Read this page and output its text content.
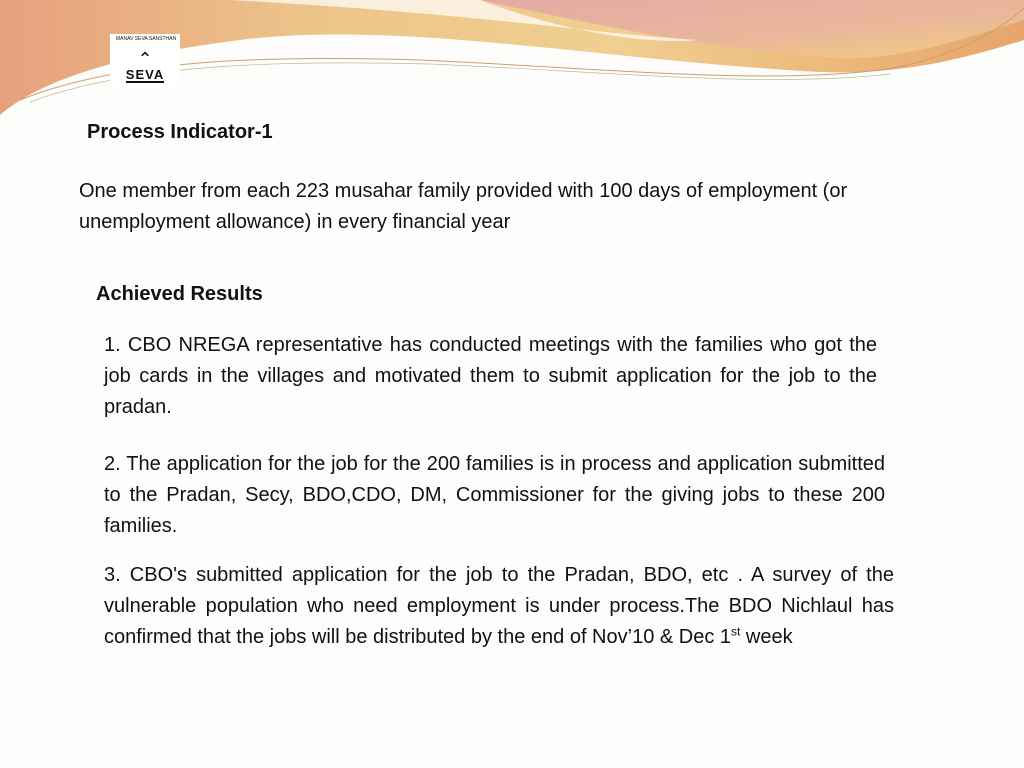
MANAV SEVA SANSTHAN
⌃
SEVA
Process Indicator-1
One member from each 223 musahar family provided with 100 days of employment (or unemployment allowance) in every financial year
Achieved Results
1. CBO NREGA representative has conducted meetings with the families who got the job cards in the villages and motivated them to submit application for the job to the pradan.
2. The application for the job for the 200 families is in process and application submitted to the Pradan, Secy, BDO,CDO, DM, Commissioner for the giving jobs to these 200 families.
3. CBO's submitted application for the job to the Pradan, BDO, etc . A survey of the vulnerable population who need employment is under process.The BDO Nichlaul has confirmed that the jobs will be distributed by the end of Nov’10 & Dec 1st week
